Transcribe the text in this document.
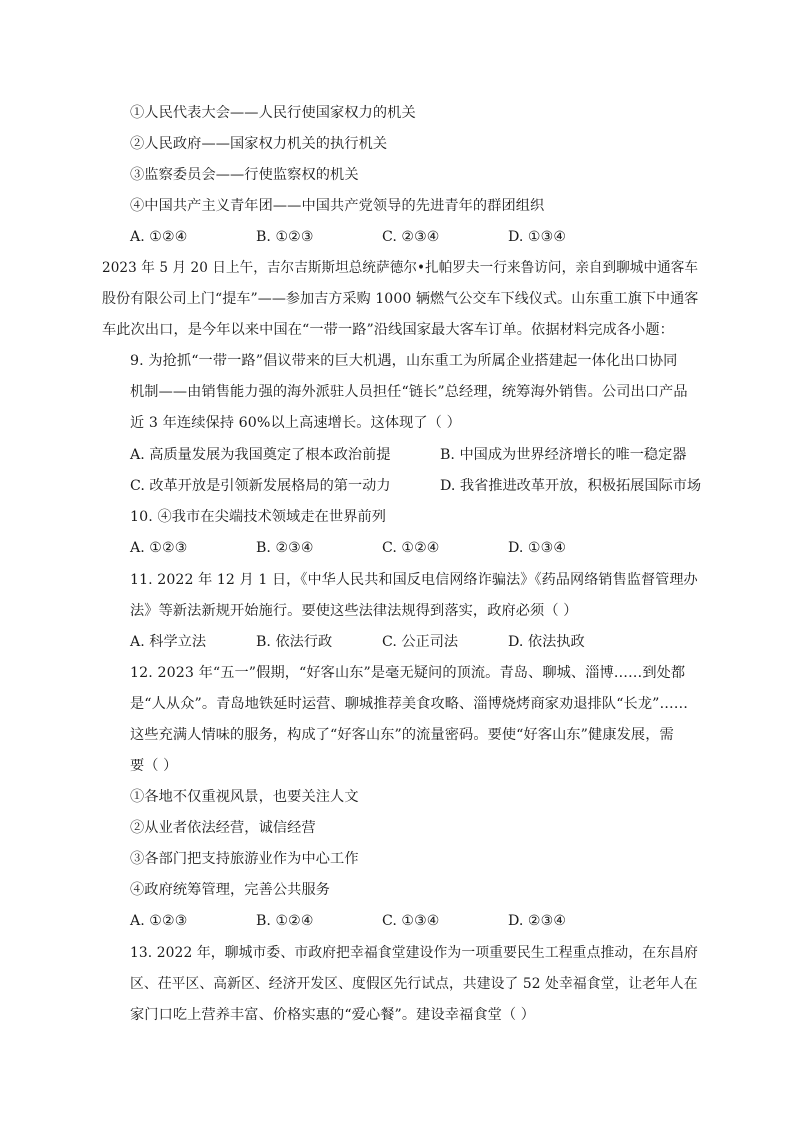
①人民代表大会——人民行使国家权力的机关
②人民政府——国家权力机关的执行机关
③监察委员会——行使监察权的机关
④中国共产主义青年团——中国共产党领导的先进青年的群团组织
A. ①②④	B. ①②③	C. ②③④	D. ①③④
2023 年 5 月 20 日上午，吉尔吉斯斯坦总统萨德尔•扎帕罗夫一行来鲁访问，亲自到聊城中通客车
股份有限公司上门“提车”——参加吉方采购 1000 辆燃气公交车下线仪式。山东重工旗下中通客
车此次出口，是今年以来中国在“一带一路”沿线国家最大客车订单。依据材料完成各小题：
9. 为抢抓“一带一路”倡议带来的巨大机遇，山东重工为所属企业搭建起一体化出口协同
机制——由销售能力强的海外派驻人员担任“链长”总经理，统筹海外销售。公司出口产品
近 3 年连续保持 60%以上高速增长。这体现了（ ）
A. 高质量发展为我国奠定了根本政治前提	B. 中国成为世界经济增长的唯一稳定器
C. 改革开放是引领新发展格局的第一动力	D. 我省推进改革开放，积极拓展国际市场
10. ④我市在尖端技术领域走在世界前列
A. ①②③	B. ②③④	C. ①②④	D. ①③④
11. 2022 年 12 月 1 日，《中华人民共和国反电信网络诈骗法》《药品网络销售监督管理办
法》等新法新规开始施行。要使这些法律法规得到落实，政府必须（ ）
A. 科学立法	B. 依法行政	C. 公正司法	D. 依法执政
12. 2023 年“五一”假期，“好客山东”是毫无疑问的顶流。青岛、聊城、淄博……到处都
是“人从众”。青岛地铁延时运营、聊城推荐美食攻略、淄博烧烤商家劝退排队“长龙”……
这些充满人情味的服务，构成了“好客山东”的流量密码。要使“好客山东”健康发展，需
要（ ）
①各地不仅重视风景，也要关注人文
②从业者依法经营，诚信经营
③各部门把支持旅游业作为中心工作
④政府统筹管理，完善公共服务
A. ①②③	B. ①②④	C. ①③④	D. ②③④
13. 2022 年，聊城市委、市政府把幸福食堂建设作为一项重要民生工程重点推动，在东昌府
区、茌平区、高新区、经济开发区、度假区先行试点，共建设了 52 处幸福食堂，让老年人在
家门口吃上营养丰富、价格实惠的“爱心餐”。建设幸福食堂（ ）
